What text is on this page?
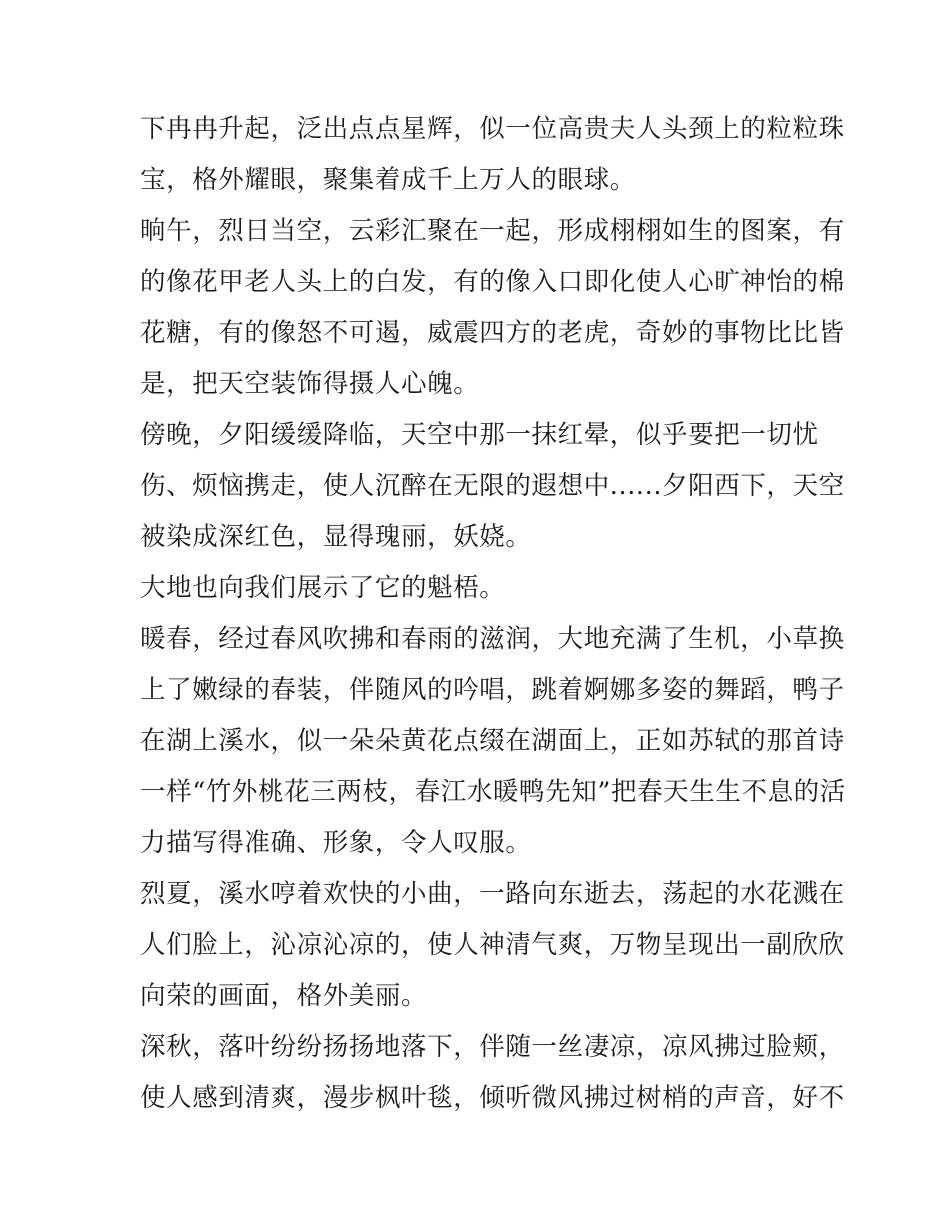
下冉冉升起，泛出点点星辉，似一位高贵夫人头颈上的粒粒珠
宝，格外耀眼，聚集着成千上万人的眼球。
晌午，烈日当空，云彩汇聚在一起，形成栩栩如生的图案，有
的像花甲老人头上的白发，有的像入口即化使人心旷神怡的棉
花糖，有的像怒不可遏，威震四方的老虎，奇妙的事物比比皆
是，把天空装饰得摄人心魄。
傍晚，夕阳缓缓降临，天空中那一抹红晕，似乎要把一切忧
伤、烦恼携走，使人沉醉在无限的遐想中......夕阳西下，天空
被染成深红色，显得瑰丽，妖娆。
大地也向我们展示了它的魁梧。
暖春，经过春风吹拂和春雨的滋润，大地充满了生机，小草换
上了嫩绿的春装，伴随风的吟唱，跳着婀娜多姿的舞蹈，鸭子
在湖上溪水，似一朵朵黄花点缀在湖面上，正如苏轼的那首诗
一样“竹外桃花三两枝，春江水暖鸭先知”把春天生生不息的活
力描写得准确、形象，令人叹服。
烈夏，溪水哼着欢快的小曲，一路向东逝去，荡起的水花溅在
人们脸上，沁凉沁凉的，使人神清气爽，万物呈现出一副欣欣
向荣的画面，格外美丽。
深秋，落叶纷纷扬扬地落下，伴随一丝凄凉，凉风拂过脸颊，
使人感到清爽，漫步枫叶毯，倾听微风拂过树梢的声音，好不
